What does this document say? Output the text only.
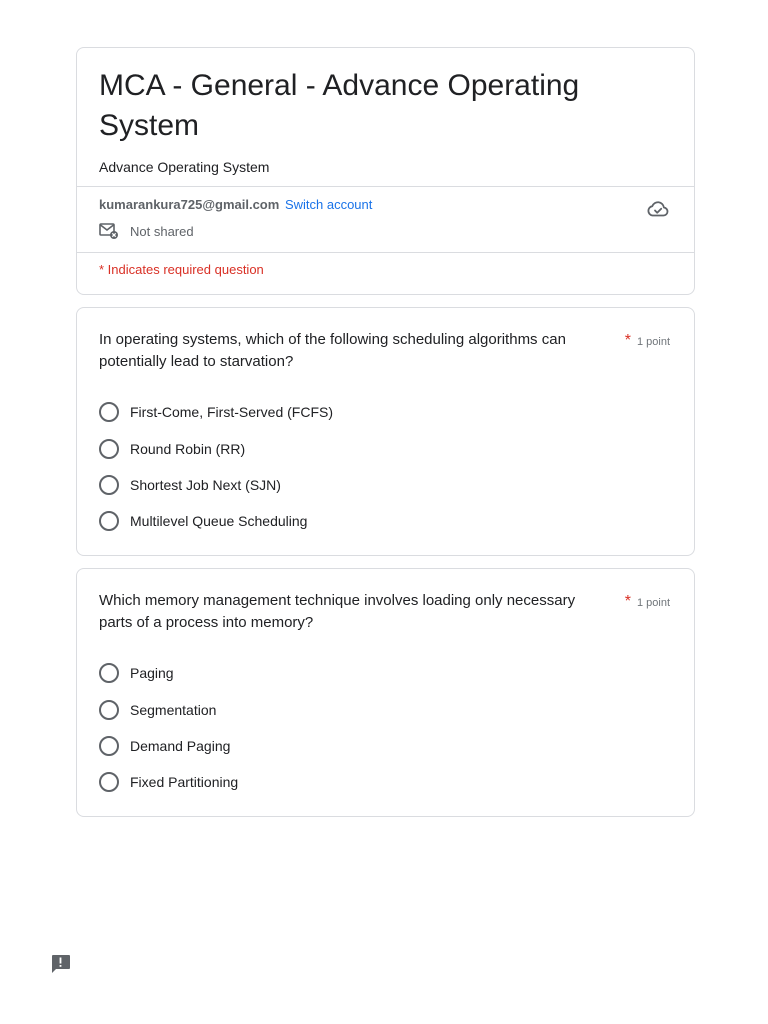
MCA - General - Advance Operating System
Advance Operating System
kumarankura725@gmail.com Switch account
Not shared
* Indicates required question
In operating systems, which of the following scheduling algorithms can potentially lead to starvation?
* 1 point
First-Come, First-Served (FCFS)
Round Robin (RR)
Shortest Job Next (SJN)
Multilevel Queue Scheduling
Which memory management technique involves loading only necessary parts of a process into memory?
* 1 point
Paging
Segmentation
Demand Paging
Fixed Partitioning
